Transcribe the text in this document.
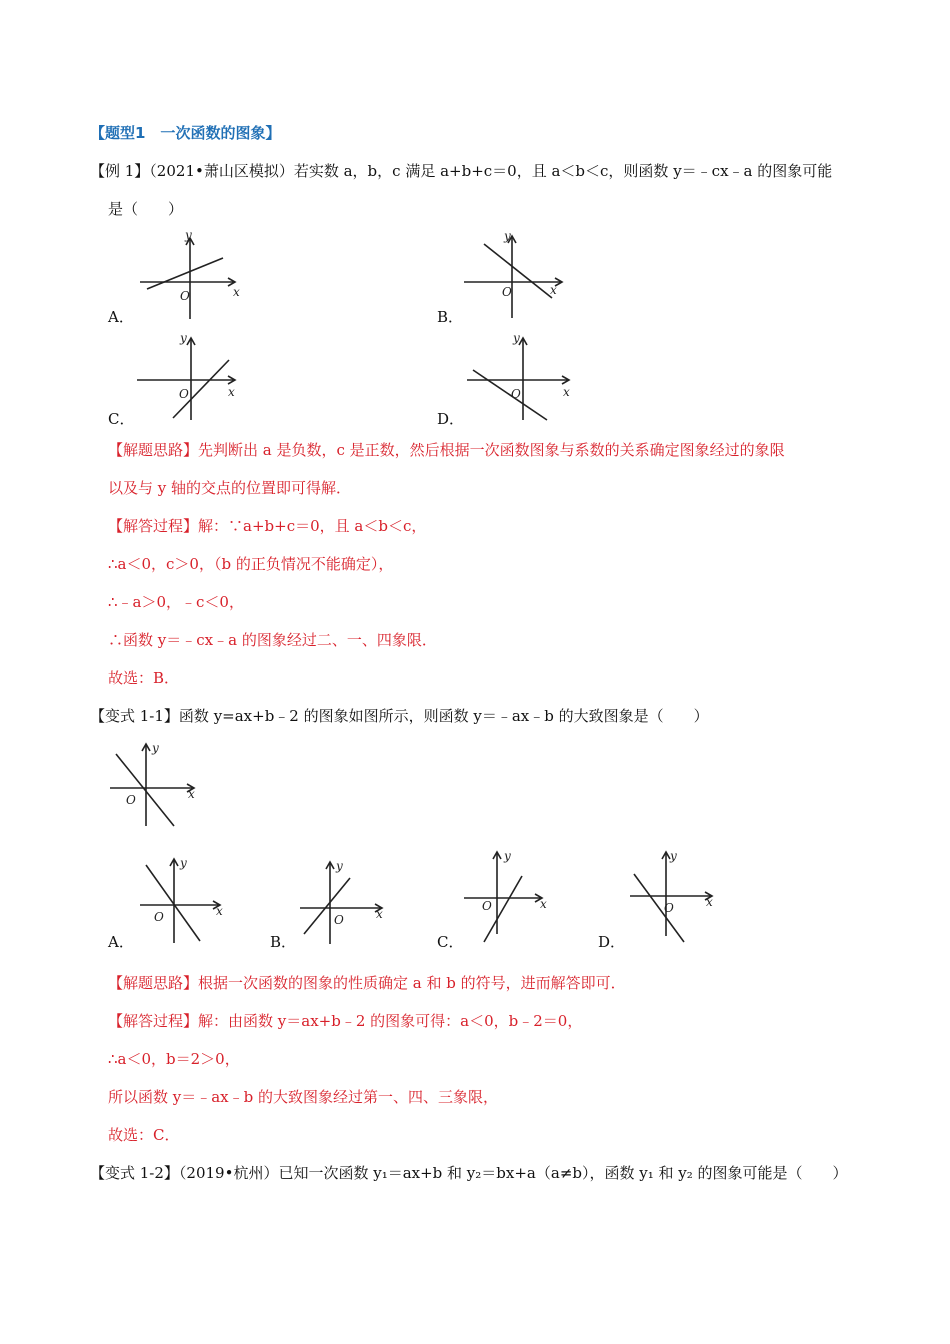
【题型1　一次函数的图象】
【例 1】（2021•萧山区模拟）若实数 a，b，c 满足 a+b+c＝0，且 a＜b＜c，则函数 y＝﹣cx﹣a 的图象可能
是（　　）
y
x
O
A．
y
x
O
B．
y
x
O
C．
y
x
O
D．
【解题思路】先判断出 a 是负数，c 是正数，然后根据一次函数图象与系数的关系确定图象经过的象限
以及与 y 轴的交点的位置即可得解．
【解答过程】解：∵a+b+c＝0，且 a＜b＜c，
∴a＜0，c＞0，（b 的正负情况不能确定），
∴﹣a＞0，﹣c＜0，
∴函数 y＝﹣cx﹣a 的图象经过二、一、四象限．
故选：B．
【变式 1-1】函数 y=ax+b﹣2 的图象如图所示，则函数 y＝﹣ax﹣b 的大致图象是（　　）
y
x
O
y
x
O
A．
y
x
O
B．
y
x
O
C．
y
x
O
D．
【解题思路】根据一次函数的图象的性质确定 a 和 b 的符号，进而解答即可．
【解答过程】解：由函数 y＝ax+b﹣2 的图象可得：a＜0，b﹣2＝0，
∴a＜0，b＝2＞0，
所以函数 y＝﹣ax﹣b 的大致图象经过第一、四、三象限，
故选：C．
【变式 1-2】（2019•杭州）已知一次函数 y₁＝ax+b 和 y₂＝bx+a（a≠b），函数 y₁ 和 y₂ 的图象可能是（　　）
